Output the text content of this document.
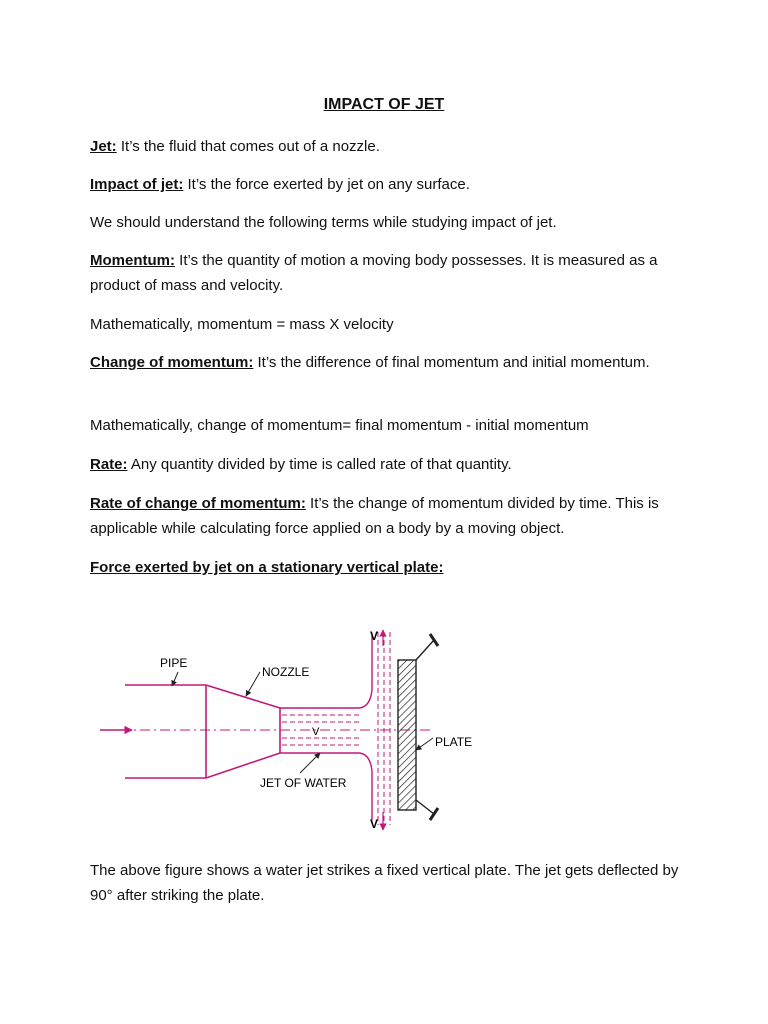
IMPACT OF JET

Jet: It’s the fluid that comes out of a nozzle.

Impact of jet: It’s the force exerted by jet on any surface.

We should understand the following terms while studying impact of jet.

Momentum: It’s the quantity of motion a moving body possesses. It is measured as a product of mass and velocity.

Mathematically, momentum = mass X velocity

Change of momentum: It’s the difference of final momentum and initial momentum.

Mathematically, change of momentum= final momentum - initial momentum

Rate: Any quantity divided by time is called rate of that quantity.

Rate of change of momentum: It’s the change of momentum divided by time. This is applicable while calculating force applied on a body by a moving object.

Force exerted by jet on a stationary vertical plate:

V
V
V
PIPE
NOZZLE
JET OF WATER
PLATE

The above figure shows a water jet strikes a fixed vertical plate. The jet gets deflected by 90° after striking the plate.
